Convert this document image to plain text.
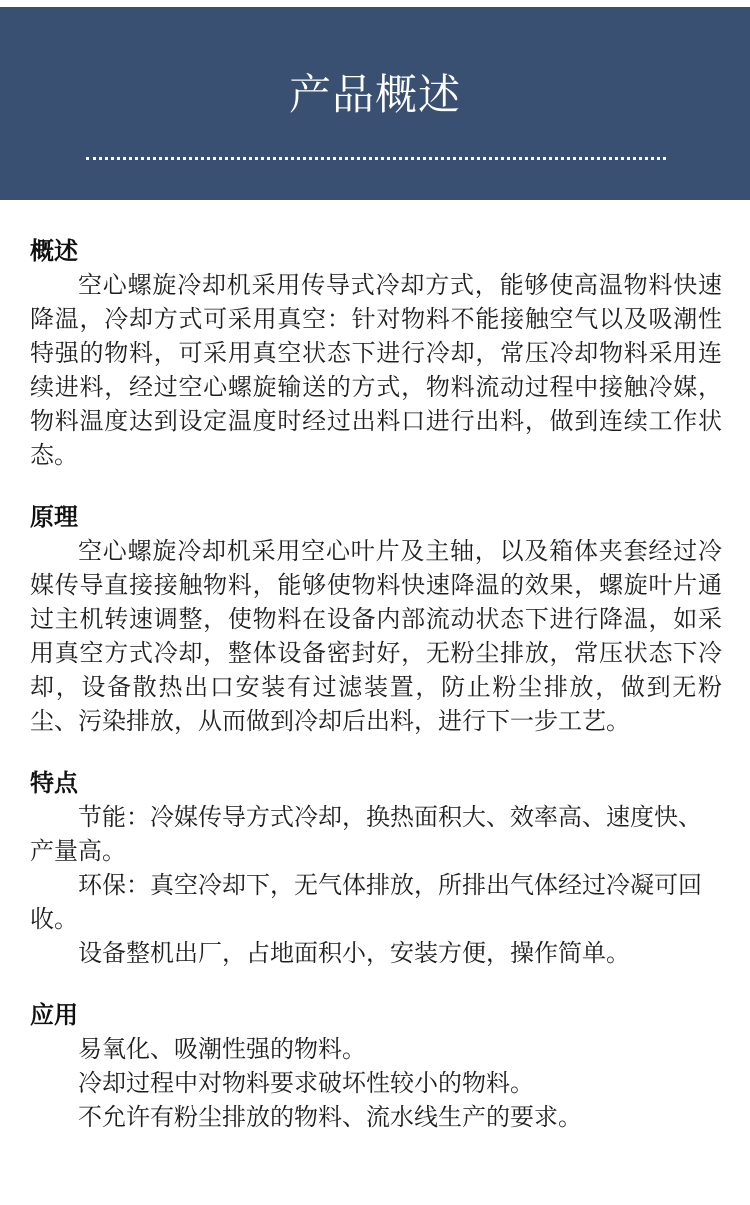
产品概述
概述

空心螺旋冷却机采用传导式冷却方式，能够使高温物料快速降温，冷却方式可采用真空：针对物料不能接触空气以及吸潮性特强的物料，可采用真空状态下进行冷却，常压冷却物料采用连续进料，经过空心螺旋输送的方式，物料流动过程中接触冷媒，物料温度达到设定温度时经过出料口进行出料，做到连续工作状态。

原理

空心螺旋冷却机采用空心叶片及主轴，以及箱体夹套经过冷媒传导直接接触物料，能够使物料快速降温的效果，螺旋叶片通过主机转速调整，使物料在设备内部流动状态下进行降温，如采用真空方式冷却，整体设备密封好，无粉尘排放，常压状态下冷却，设备散热出口安装有过滤装置，防止粉尘排放，做到无粉尘、污染排放，从而做到冷却后出料，进行下一步工艺。

特点

节能：冷媒传导方式冷却，换热面积大、效率高、速度快、产量高。

环保：真空冷却下，无气体排放，所排出气体经过冷凝可回收。

设备整机出厂，占地面积小，安装方便，操作简单。

应用

易氧化、吸潮性强的物料。

冷却过程中对物料要求破坏性较小的物料。

不允许有粉尘排放的物料、流水线生产的要求。
